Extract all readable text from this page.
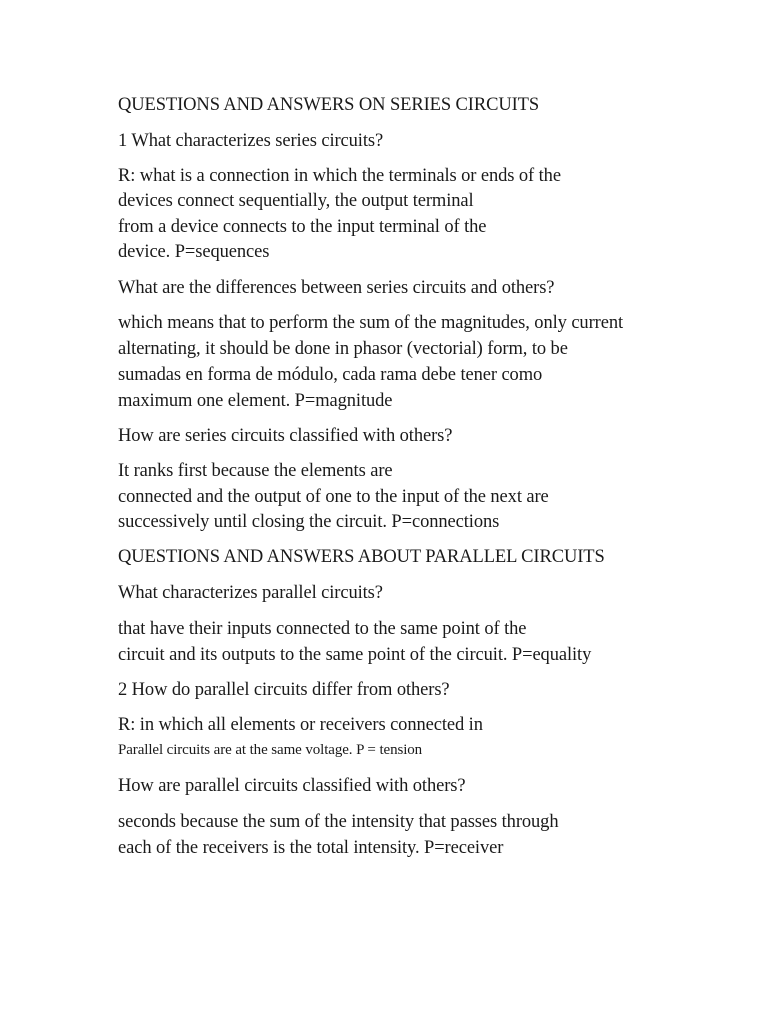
QUESTIONS AND ANSWERS ON SERIES CIRCUITS
1 What characterizes series circuits?
R: what is a connection in which the terminals or ends of the
devices connect sequentially, the output terminal
from a device connects to the input terminal of the
device. P=sequences
What are the differences between series circuits and others?
which means that to perform the sum of the magnitudes, only current
alternating, it should be done in phasor (vectorial) form, to be
sumadas en forma de módulo, cada rama debe tener como
maximum one element. P=magnitude
How are series circuits classified with others?
It ranks first because the elements are
connected and the output of one to the input of the next are
successively until closing the circuit. P=connections
QUESTIONS AND ANSWERS ABOUT PARALLEL CIRCUITS
What characterizes parallel circuits?
that have their inputs connected to the same point of the
circuit and its outputs to the same point of the circuit. P=equality
2 How do parallel circuits differ from others?
R: in which all elements or receivers connected in
Parallel circuits are at the same voltage. P = tension
How are parallel circuits classified with others?
seconds because the sum of the intensity that passes through
each of the receivers is the total intensity. P=receiver
